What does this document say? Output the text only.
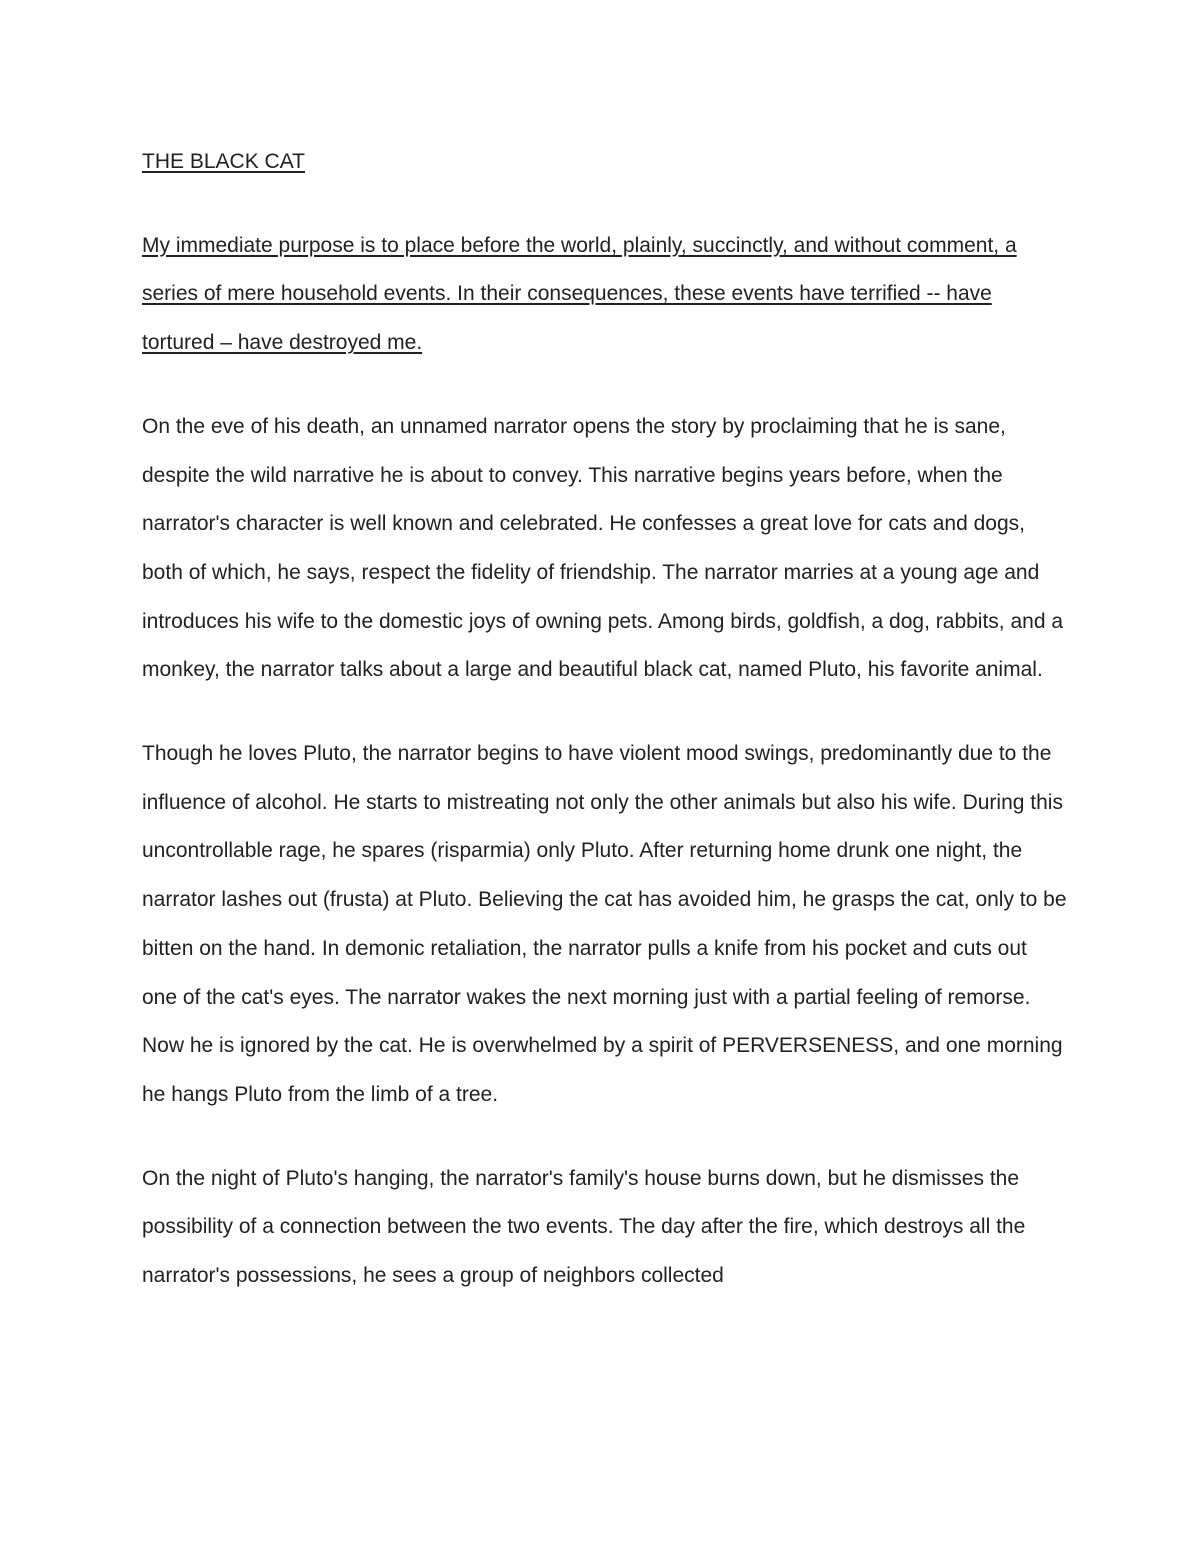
THE BLACK CAT

My immediate purpose is to place before the world, plainly, succinctly, and without comment, a series of mere household events. In their consequences, these events have terrified -- have tortured – have destroyed me.

On the eve of his death, an unnamed narrator opens the story by proclaiming that he is sane, despite the wild narrative he is about to convey. This narrative begins years before, when the narrator's character is well known and celebrated. He confesses a great love for cats and dogs, both of which, he says, respect the fidelity of friendship. The narrator marries at a young age and introduces his wife to the domestic joys of owning pets. Among birds, goldfish, a dog, rabbits, and a monkey, the narrator talks about a large and beautiful black cat, named Pluto, his favorite animal.

Though he loves Pluto, the narrator begins to have violent mood swings, predominantly due to the influence of alcohol. He starts to mistreating not only the other animals but also his wife. During this uncontrollable rage, he spares (risparmia) only Pluto. After returning home drunk one night, the narrator lashes out (frusta) at Pluto. Believing the cat has avoided him, he grasps the cat, only to be bitten on the hand. In demonic retaliation, the narrator pulls a knife from his pocket and cuts out one of the cat's eyes. The narrator wakes the next morning just with a partial feeling of remorse. Now he is ignored by the cat. He is overwhelmed by a spirit of PERVERSENESS, and one morning he hangs Pluto from the limb of a tree.

On the night of Pluto's hanging, the narrator's family's house burns down, but he dismisses the possibility of a connection between the two events. The day after the fire, which destroys all the narrator's possessions, he sees a group of neighbors collected
